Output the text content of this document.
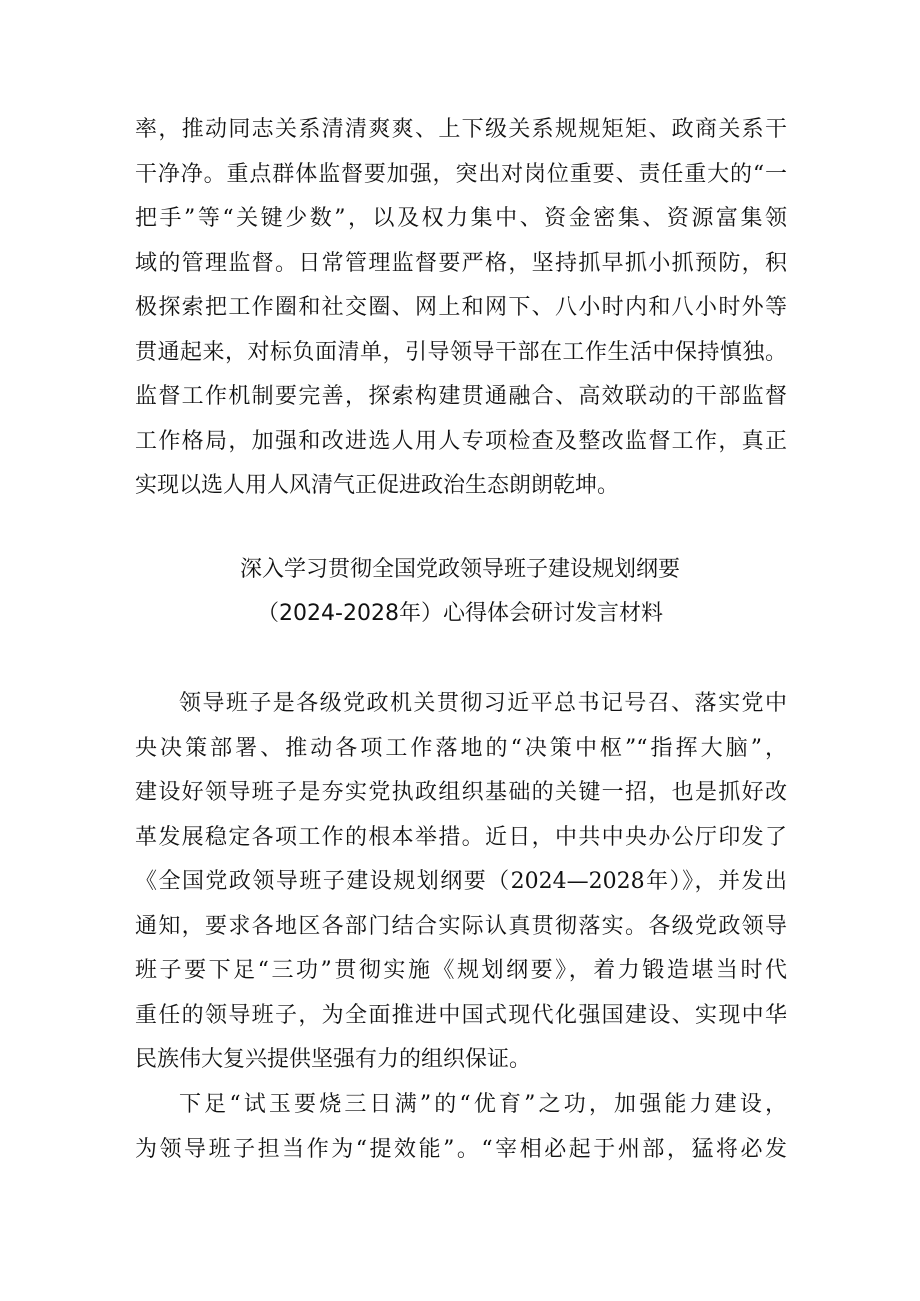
率，推动同志关系清清爽爽、上下级关系规规矩矩、政商关系干
干净净。重点群体监督要加强，突出对岗位重要、责任重大的“一
把手”等“关键少数”，以及权力集中、资金密集、资源富集领
域的管理监督。日常管理监督要严格，坚持抓早抓小抓预防，积
极探索把工作圈和社交圈、网上和网下、八小时内和八小时外等
贯通起来，对标负面清单，引导领导干部在工作生活中保持慎独。
监督工作机制要完善，探索构建贯通融合、高效联动的干部监督
工作格局，加强和改进选人用人专项检查及整改监督工作，真正
实现以选人用人风清气正促进政治生态朗朗乾坤。
深入学习贯彻全国党政领导班子建设规划纲要
（2024-2028年）心得体会研讨发言材料
领导班子是各级党政机关贯彻习近平总书记号召、落实党中
央决策部署、推动各项工作落地的“决策中枢”“指挥大脑”，
建设好领导班子是夯实党执政组织基础的关键一招，也是抓好改
革发展稳定各项工作的根本举措。近日，中共中央办公厅印发了
《全国党政领导班子建设规划纲要（2024—2028年）》，并发出
通知，要求各地区各部门结合实际认真贯彻落实。各级党政领导
班子要下足“三功”贯彻实施《规划纲要》，着力锻造堪当时代
重任的领导班子，为全面推进中国式现代化强国建设、实现中华
民族伟大复兴提供坚强有力的组织保证。
下足“试玉要烧三日满”的“优育”之功，加强能力建设，
为领导班子担当作为“提效能”。“宰相必起于州部，猛将必发
